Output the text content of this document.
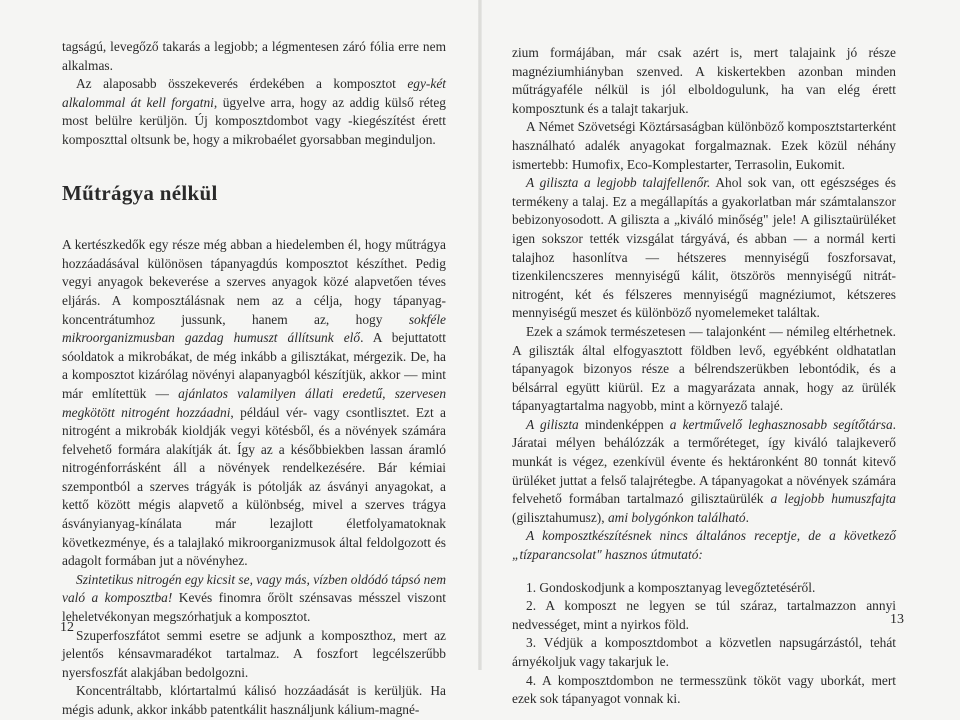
tagságú, levegőző takarás a legjobb; a légmentesen záró fólia erre nem alkalmas.

Az alaposabb összekeverés érdekében a komposztot egy-két alkalommal át kell forgatni, ügyelve arra, hogy az addig külső réteg most belülre kerüljön. Új komposztdombot vagy -kiegészítést érett komposzttal oltsunk be, hogy a mikrobaélet gyorsabban meginduljon.

Műtrágya nélkül

A kertészkedők egy része még abban a hiedelemben él, hogy műtrágya hozzáadásával különösen tápanyagdús komposztot készíthet. Pedig vegyi anyagok bekeverése a szerves anyagok közé alapvetően téves eljárás. A komposztálásnak nem az a célja, hogy tápanyag-koncentrátumhoz jussunk, hanem az, hogy sokféle mikroorganizmusban gazdag humuszt állítsunk elő. A bejuttatott sóoldatok a mikrobákat, de még inkább a gilisztákat, mérgezik. De, ha a komposztot kizárólag növényi alapanyagból készítjük, akkor — mint már említettük — ajánlatos valamilyen állati eredetű, szervesen megkötött nitrogént hozzáadni, például vér- vagy csontlisztet. Ezt a nitrogént a mikrobák kioldják vegyi kötésből, és a növények számára felvehető formára alakítják át. Így az a későbbiekben lassan áramló nitrogénforrásként áll a növények rendelkezésére. Bár kémiai szempontból a szerves trágyák is pótolják az ásványi anyagokat, a kettő között mégis alapvető a különbség, mivel a szerves trágya ásványianyag-kínálata már lezajlott életfolyamatoknak következménye, és a talajlakó mikroorganizmusok által feldolgozott és adagolt formában jut a növényhez.

Szintetikus nitrogén egy kicsit se, vagy más, vízben oldódó tápsó nem való a komposztba! Kevés finomra őrölt szénsavas mésszel viszont leheletvékonyan megszórhatjuk a komposztot.

Szuperfoszfátot semmi esetre se adjunk a komposzthoz, mert az jelentős kénsavmaradékot tartalmaz. A foszfort legcélszerűbb nyersfoszfát alakjában bedolgozni.

Koncentráltabb, klórtartalmú kálisó hozzáadását is kerüljük. Ha mégis adunk, akkor inkább patentkálit használjunk kálium-magné-

12

zium formájában, már csak azért is, mert talajaink jó része magnéziumhiányban szenved. A kiskertekben azonban minden műtrágyaféle nélkül is jól elboldogulunk, ha van elég érett komposztunk és a talajt takarjuk.

A Német Szövetségi Köztársaságban különböző komposztstarterként használható adalék anyagokat forgalmaznak. Ezek közül néhány ismertebb: Humofix, Eco-Komplestarter, Terrasolin, Eukomit.

A giliszta a legjobb talajfellenőr. Ahol sok van, ott egészséges és termékeny a talaj. Ez a megállapítás a gyakorlatban már számtalanszor bebizonyosodott. A giliszta a „kiváló minőség" jele! A gilisztaürüléket igen sokszor tették vizsgálat tárgyává, és abban — a normál kerti talajhoz hasonlítva — hétszeres mennyiségű foszforsavat, tizenkilencszeres mennyiségű kálit, ötszörös mennyiségű nitrát-nitrogént, két és félszeres mennyiségű magnéziumot, kétszeres mennyiségű meszet és különböző nyomelemeket találtak.

Ezek a számok természetesen — talajonként — némileg eltérhetnek. A giliszták által elfogyasztott földben levő, egyébként oldhatatlan tápanyagok bizonyos része a bélrendszerükben lebontódik, és a bélsárral együtt kiürül. Ez a magyarázata annak, hogy az ürülék tápanyagtartalma nagyobb, mint a környező talajé.

A giliszta mindenképpen a kertművelő leghasznosabb segítőtársa. Járatai mélyen behálózzák a termőréteget, így kiváló talajkeverő munkát is végez, ezenkívül évente és hektáronként 80 tonnát kitevő ürüléket juttat a felső talajrétegbe. A tápanyagokat a növények számára felvehető formában tartalmazó gilisztaürülék a legjobb humuszfajta (gilisztahumusz), ami bolygónkon található.

A komposztkészítésnek nincs általános receptje, de a következő „tízparancsolat" hasznos útmutató:

1. Gondoskodjunk a komposztanyag levegőztetéséről.

2. A komposzt ne legyen se túl száraz, tartalmazzon annyi nedvességet, mint a nyirkos föld.

3. Védjük a komposztdombot a közvetlen napsugárzástól, tehát árnyékoljuk vagy takarjuk le.

4. A komposztdombon ne termesszünk tököt vagy uborkát, mert ezek sok tápanyagot vonnak ki.

13
